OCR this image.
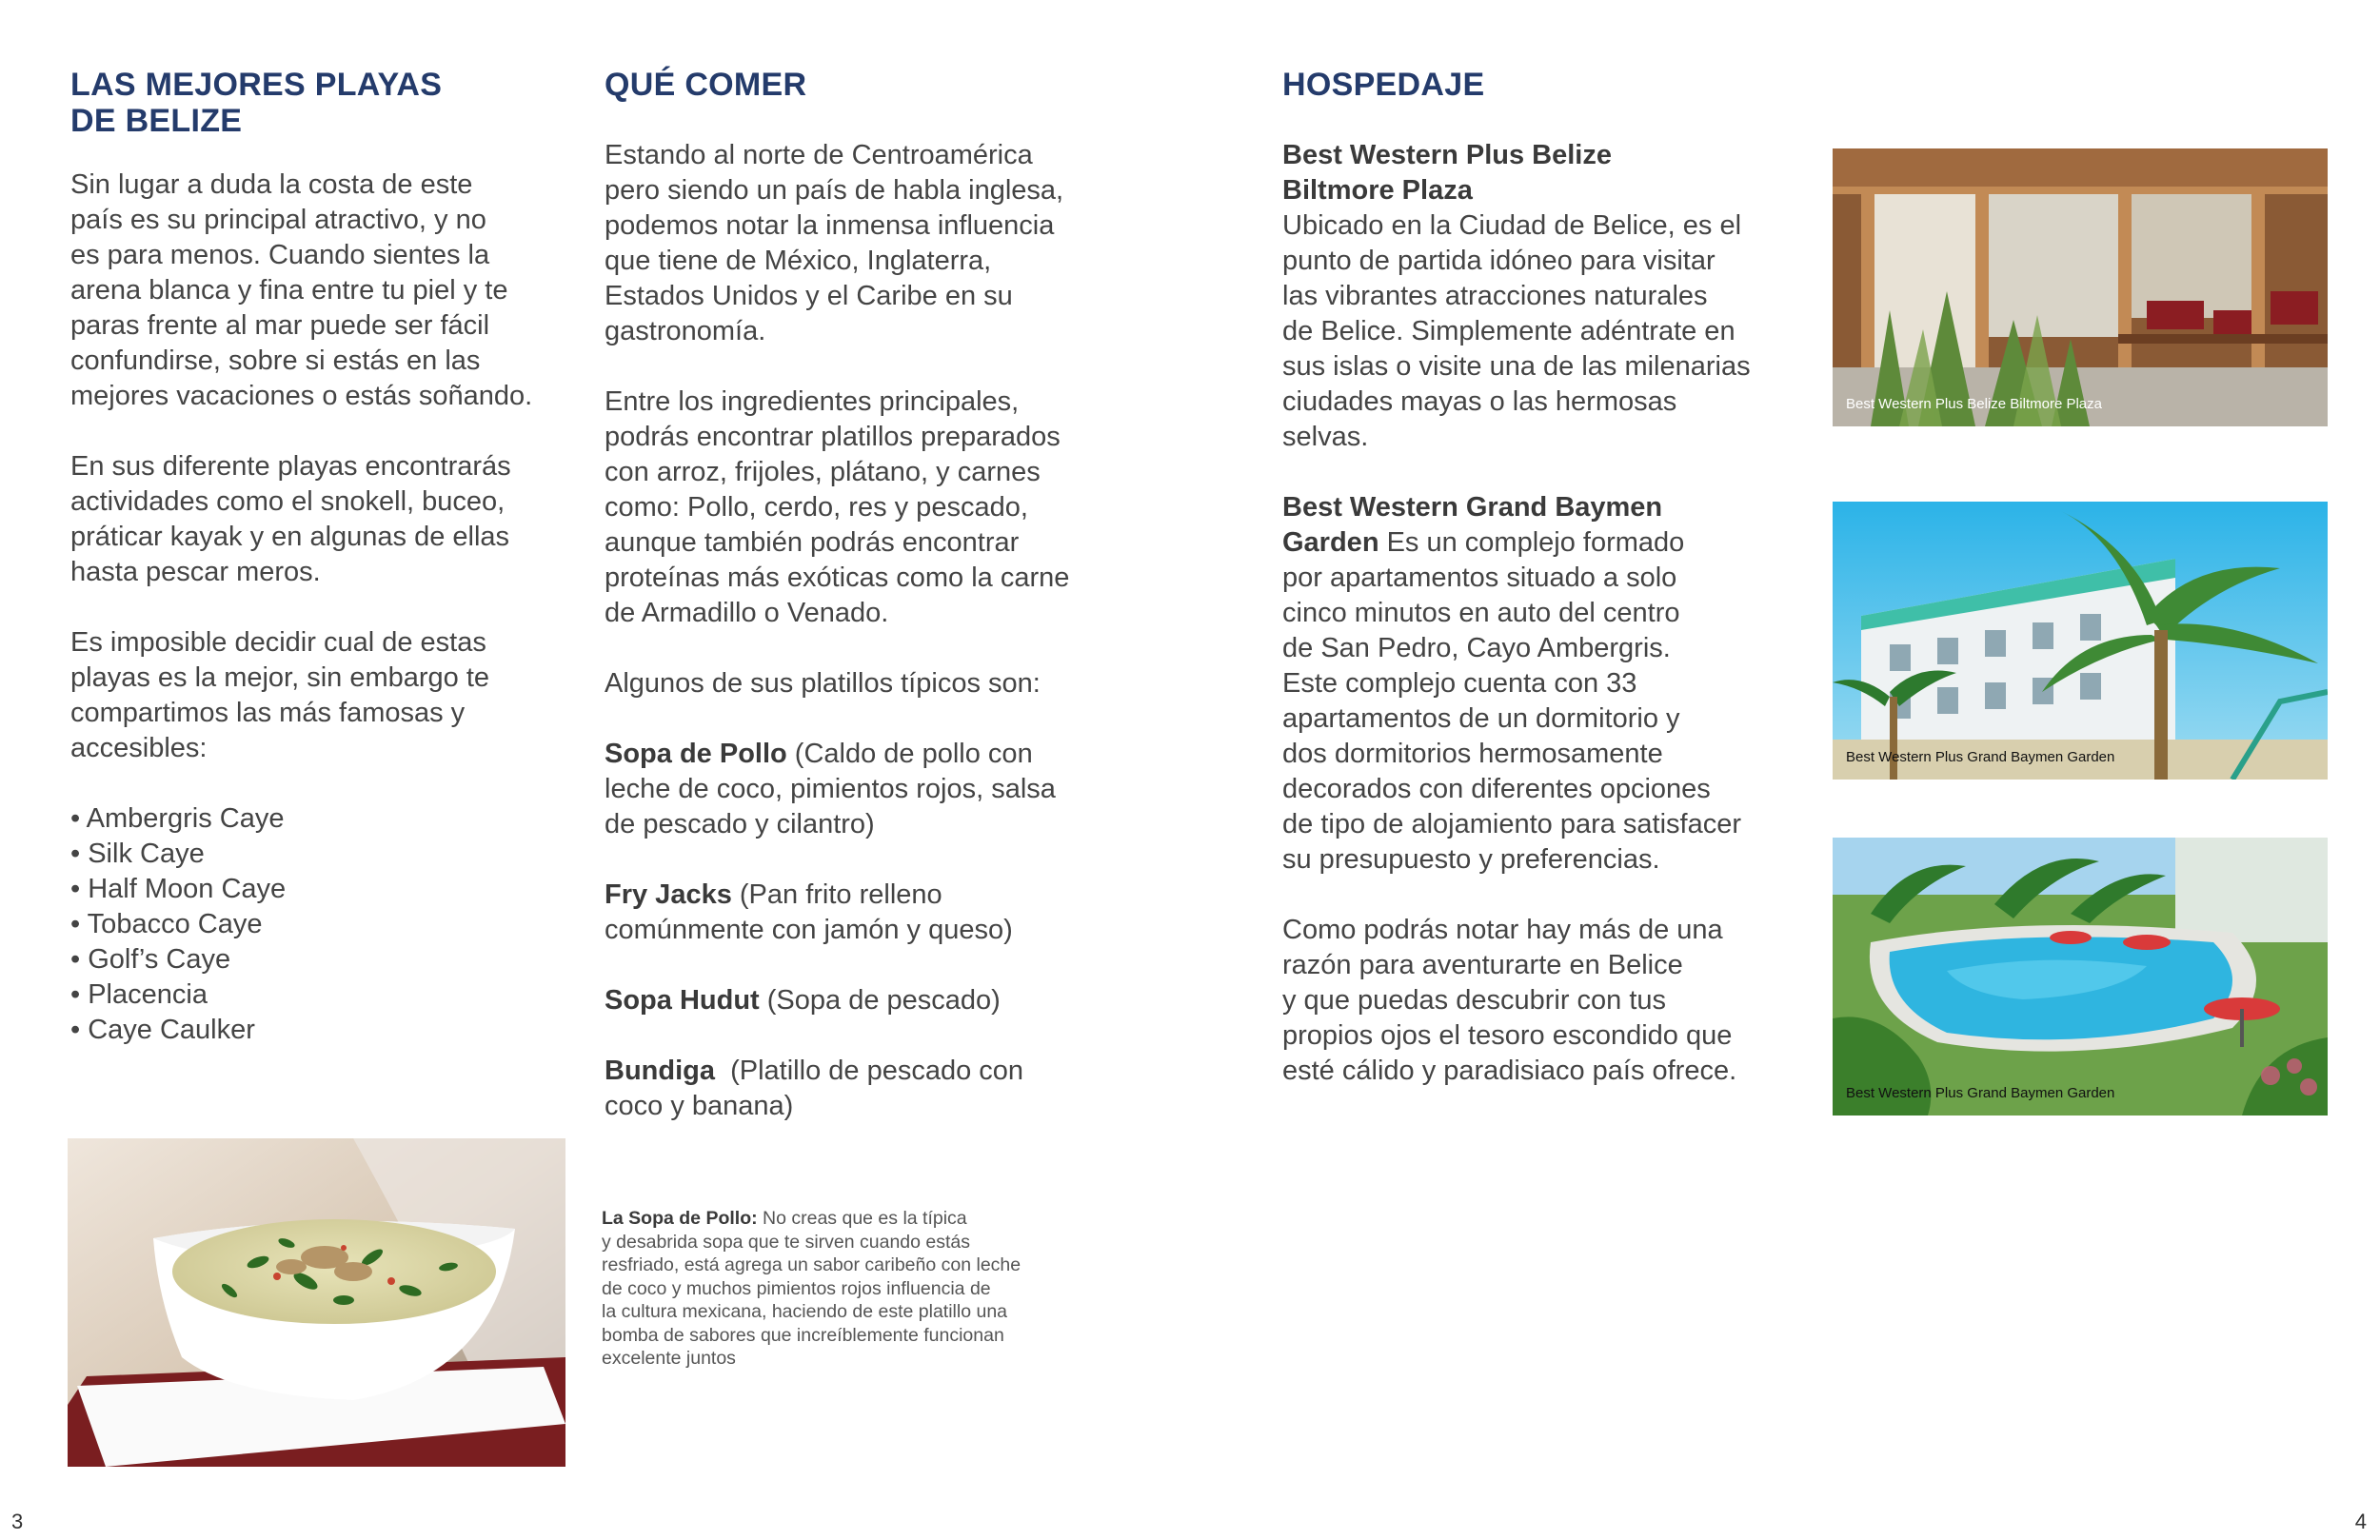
LAS MEJORES PLAYAS
DE BELIZE

Sin lugar a duda la costa de este
país es su principal atractivo, y no
es para menos. Cuando sientes la
arena blanca y fina entre tu piel y te
paras frente al mar puede ser fácil
confundirse, sobre si estás en las
mejores vacaciones o estás soñando.

En sus diferente playas encontrarás
actividades como el snokell, buceo,
práticar kayak y en algunas de ellas
hasta pescar meros.

Es imposible decidir cual de estas
playas es la mejor, sin embargo te
compartimos las más famosas y
accesibles:

• Ambergris Caye
• Silk Caye
• Half Moon Caye
• Tobacco Caye
• Golf’s Caye
• Placencia
• Caye Caulker
QUÉ COMER

Estando al norte de Centroamérica
pero siendo un país de habla inglesa,
podemos notar la inmensa influencia
que tiene de México, Inglaterra,
Estados Unidos y el Caribe en su
gastronomía.

Entre los ingredientes principales,
podrás encontrar platillos preparados
con arroz, frijoles, plátano, y carnes
como: Pollo, cerdo, res y pescado,
aunque también podrás encontrar
proteínas más exóticas como la carne
de Armadillo o Venado.

Algunos de sus platillos típicos son:

Sopa de Pollo (Caldo de pollo con
leche de coco, pimientos rojos, salsa
de pescado y cilantro)

Fry Jacks (Pan frito relleno
comúnmente con jamón y queso)

Sopa Hudut (Sopa de pescado)

Bundiga  (Platillo de pescado con
coco y banana)

La Sopa de Pollo: No creas que es la típica
y desabrida sopa que te sirven cuando estás
resfriado, está agrega un sabor caribeño con leche
de coco y muchos pimientos rojos influencia de
la cultura mexicana, haciendo de este platillo una
bomba de sabores que increíblemente funcionan
excelente juntos
HOSPEDAJE

Best Western Plus Belize
Biltmore Plaza
Ubicado en la Ciudad de Belice, es el
punto de partida idóneo para visitar
las vibrantes atracciones naturales
de Belice. Simplemente adéntrate en
sus islas o visite una de las milenarias
ciudades mayas o las hermosas
selvas.

Best Western Grand Baymen
Garden Es un complejo formado
por apartamentos situado a solo
cinco minutos en auto del centro
de San Pedro, Cayo Ambergris.
Este complejo cuenta con 33
apartamentos de un dormitorio y
dos dormitorios hermosamente
decorados con diferentes opciones
de tipo de alojamiento para satisfacer
su presupuesto y preferencias.

Como podrás notar hay más de una
razón para aventurarte en Belice
y que puedas descubrir con tus
propios ojos el tesoro escondido que
esté cálido y paradisiaco país ofrece.

Best Western Plus Belize Biltmore Plaza
Best Western Plus Grand Baymen Garden
Best Western Plus Grand Baymen Garden
3	4
